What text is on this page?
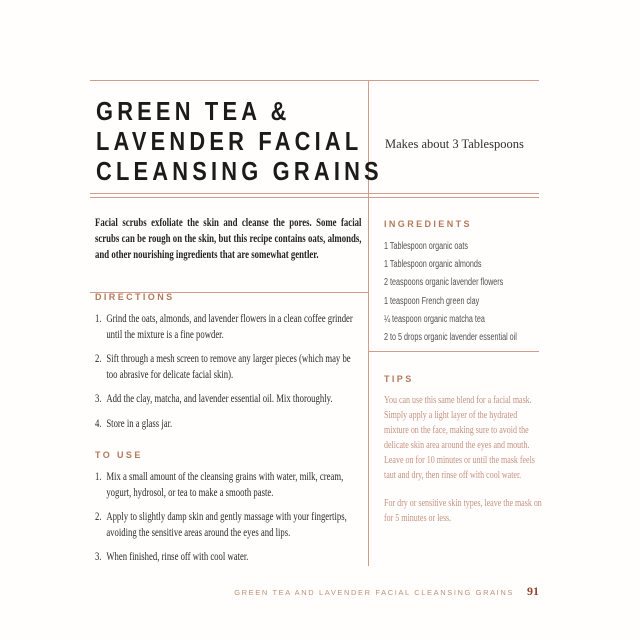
GREEN TEA &
LAVENDER FACIAL
CLEANSING GRAINS
Makes about 3 Tablespoons

Facial scrubs exfoliate the skin and cleanse the pores. Some facial scrubs can be rough on the skin, but this recipe contains oats, almonds, and other nourishing ingredients that are somewhat gentler.

DIRECTIONS
1. Grind the oats, almonds, and lavender flowers in a clean coffee grinder until the mixture is a fine powder.
2. Sift through a mesh screen to remove any larger pieces (which may be too abrasive for delicate facial skin).
3. Add the clay, matcha, and lavender essential oil. Mix thoroughly.
4. Store in a glass jar.
TO USE
1. Mix a small amount of the cleansing grains with water, milk, cream, yogurt, hydrosol, or tea to make a smooth paste.
2. Apply to slightly damp skin and gently massage with your fingertips, avoiding the sensitive areas around the eyes and lips.
3. When finished, rinse off with cool water.
INGREDIENTS
1 Tablespoon organic oats
1 Tablespoon organic almonds
2 teaspoons organic lavender flowers
1 teaspoon French green clay
¼ teaspoon organic matcha tea
2 to 5 drops organic lavender essential oil
TIPS

You can use this same blend for a facial mask. Simply apply a light layer of the hydrated mixture on the face, making sure to avoid the delicate skin area around the eyes and mouth. Leave on for 10 minutes or until the mask feels taut and dry, then rinse off with cool water.

For dry or sensitive skin types, leave the mask on for 5 minutes or less.

GREEN TEA AND LAVENDER FACIAL CLEANSING GRAINS 91
